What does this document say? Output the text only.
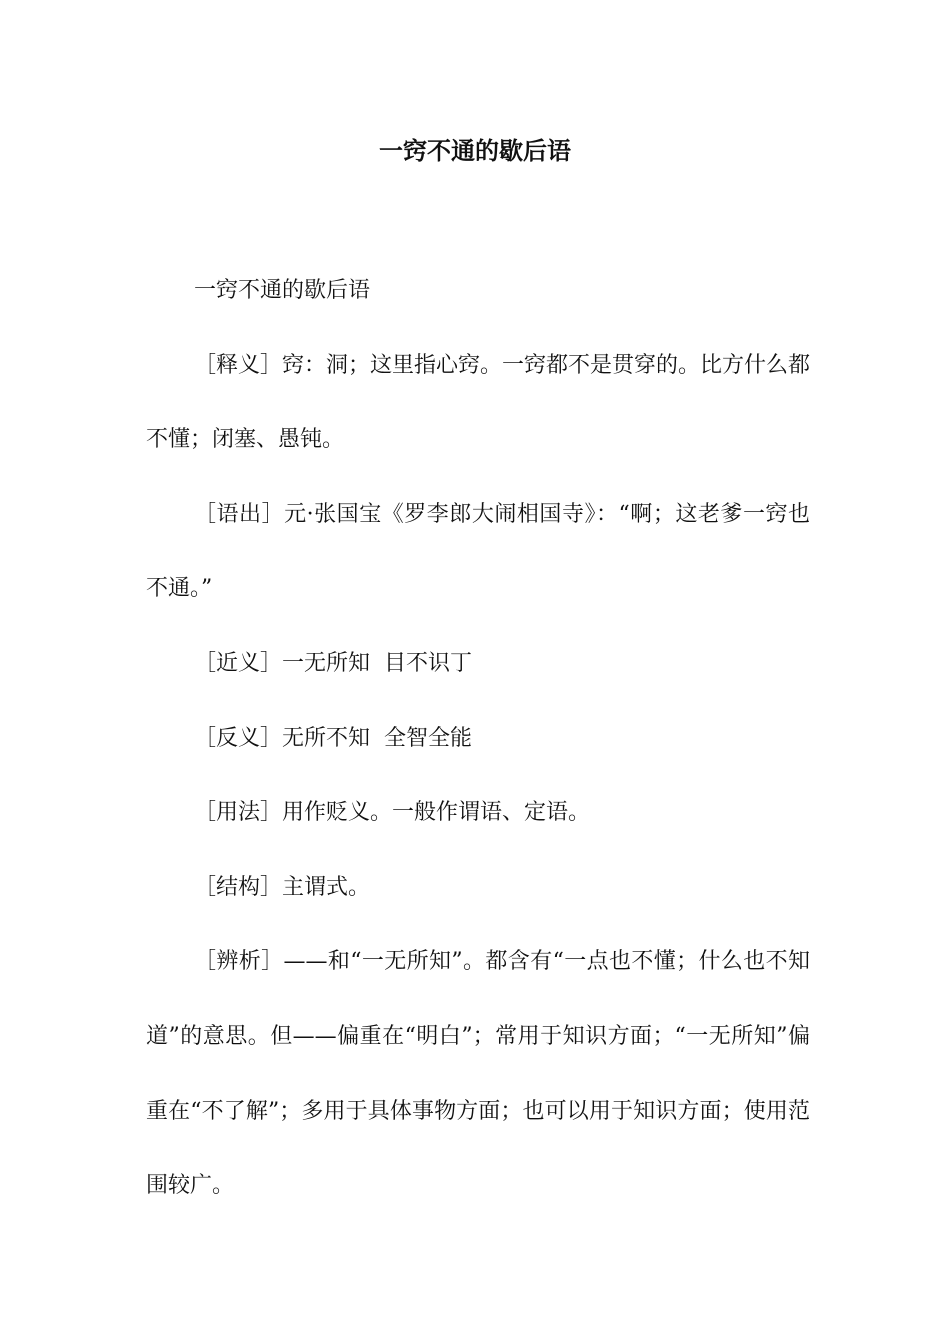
一窍不通的歇后语

一窍不通的歇后语

［释义］窍：洞；这里指心窍。一窍都不是贯穿的。比方什么都不懂；闭塞、愚钝。

［语出］元·张国宝《罗李郎大闹相国寺》：“啊；这老爹一窍也不通。”

［近义］一无所知  目不识丁

［反义］无所不知  全智全能

［用法］用作贬义。一般作谓语、定语。

［结构］主谓式。

［辨析］——和“一无所知”。都含有“一点也不懂；什么也不知道”的意思。但——偏重在“明白”；常用于知识方面；“一无所知”偏重在“不了解”；多用于具体事物方面；也可以用于知识方面；使用范围较广。
